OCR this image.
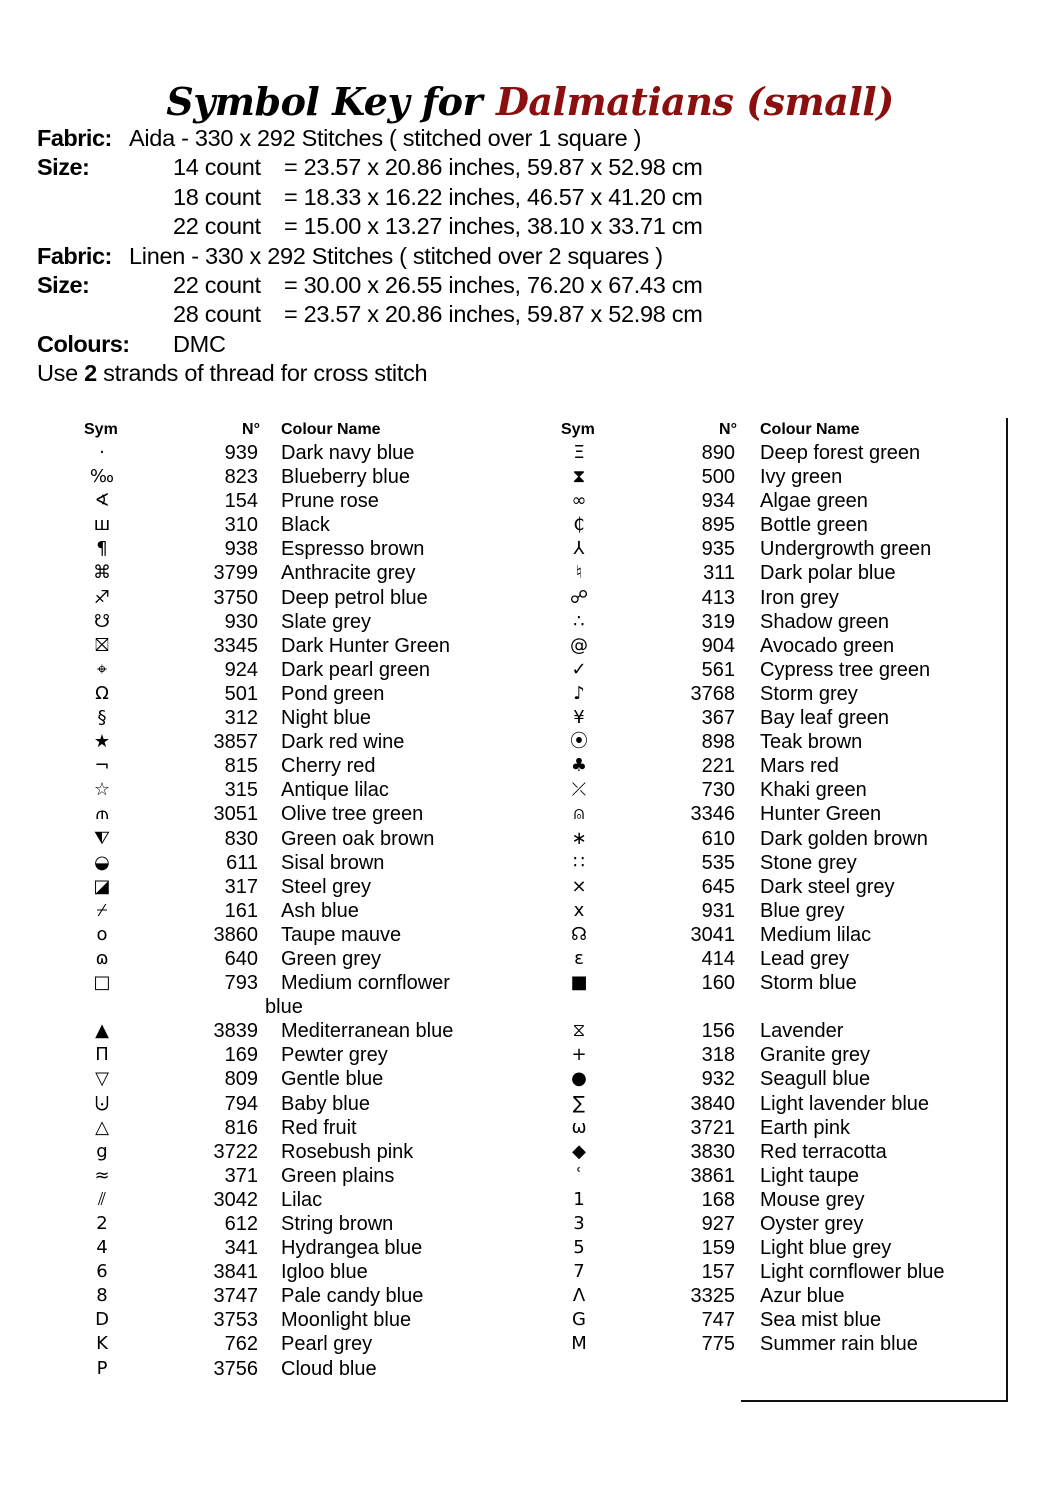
Symbol Key for Dalmatians (small)
Fabric: Aida - 330 x 292 Stitches ( stitched over 1 square )
Size:	14 count = 23.57 x 20.86 inches, 59.87 x 52.98 cm
18 count = 18.33 x 16.22 inches, 46.57 x 41.20 cm
22 count = 15.00 x 13.27 inches, 38.10 x 33.71 cm
Fabric: Linen - 330 x 292 Stitches ( stitched over 2 squares )
Size:	22 count = 30.00 x 26.55 inches, 76.20 x 67.43 cm
28 count = 23.57 x 20.86 inches, 59.87 x 52.98 cm
Colours: DMC
Use 2 strands of thread for cross stitch
Sym	N° Colour Name
·	939 Dark navy blue
‰	823 Blueberry blue
∢	154 Prune rose
ш	310 Black
¶	938 Espresso brown
⌘	3799 Anthracite grey
♐	3750 Deep petrol blue
☋	930 Slate grey
⛝	3345 Dark Hunter Green
⌖	924 Dark pearl green
Ω	501 Pond green
§	312 Night blue
★	3857 Dark red wine
¬	815 Cherry red
☆	315 Antique lilac
⫙	3051 Olive tree green
⧨	830 Green oak brown
◒	611 Sisal brown
◪	317 Steel grey
⌿	161 Ash blue
o	3860 Taupe mauve
ɷ	640 Green grey
□	793 Medium cornflower
blue
▲	3839 Mediterranean blue
Π	169 Pewter grey
▽	809 Gentle blue
⨃	794 Baby blue
△	816 Red fruit
g	3722 Rosebush pink
≈	371 Green plains
⫽	3042 Lilac
2	612 String brown
4	341 Hydrangea blue
6	3841 Igloo blue
8	3747 Pale candy blue
D	3753 Moonlight blue
K	762 Pearl grey
P	3756 Cloud blue
Sym	N° Colour Name
Ξ	890 Deep forest green
⧗	500 Ivy green
∞	934 Algae green
₵	895 Bottle green
⅄	935 Undergrowth green
♮	311 Dark polar blue
☍	413 Iron grey
∴	319 Shadow green
@	904 Avocado green
✓	561 Cypress tree green
♪	3768 Storm grey
¥	367 Bay leaf green
⦿	898 Teak brown
♣	221 Mars red
⤫	730 Khaki green
⍝	3346 Hunter Green
∗	610 Dark golden brown
∷	535 Stone grey
⨯	645 Dark steel grey
x	931 Blue grey
☊	3041 Medium lilac
ε	414 Lead grey
■	160 Storm blue
⧖	156 Lavender
+	318 Granite grey
●	932 Seagull blue
∑	3840 Light lavender blue
ω	3721 Earth pink
◆	3830 Red terracotta
ʿ	3861 Light taupe
1	168 Mouse grey
3	927 Oyster grey
5	159 Light blue grey
7	157 Light cornflower blue
Λ	3325 Azur blue
G	747 Sea mist blue
M	775 Summer rain blue
